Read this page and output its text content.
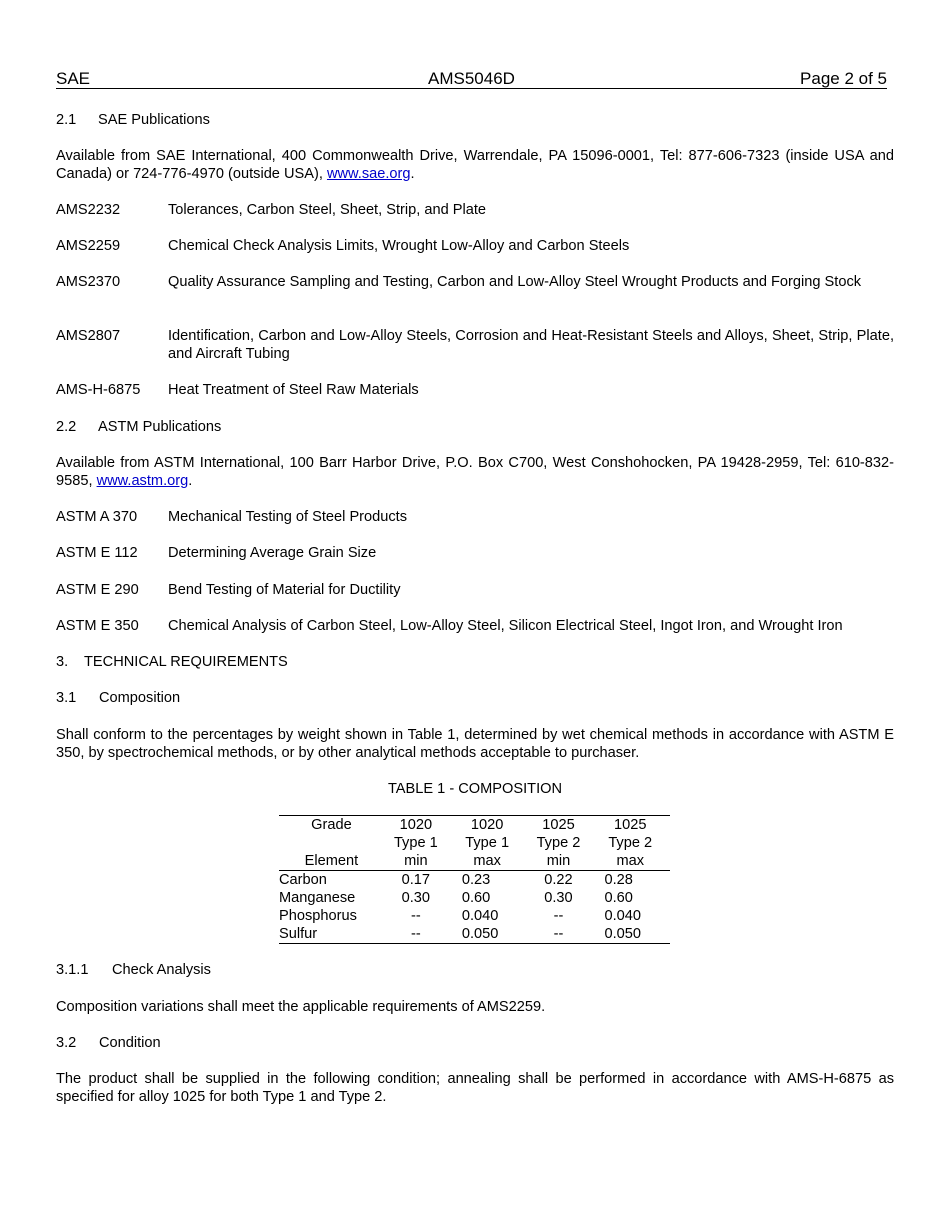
SAE	AMS5046D	Page 2 of 5
2.1 SAE Publications

Available from SAE International, 400 Commonwealth Drive, Warrendale, PA 15096-0001, Tel: 877-606-7323 (inside USA and Canada) or 724-776-4970 (outside USA), www.sae.org.

AMS2232	Tolerances, Carbon Steel, Sheet, Strip, and Plate
AMS2259	Chemical Check Analysis Limits, Wrought Low-Alloy and Carbon Steels
AMS2370	Quality Assurance Sampling and Testing, Carbon and Low-Alloy Steel Wrought Products and Forging Stock
AMS2807	Identification, Carbon and Low-Alloy Steels, Corrosion and Heat-Resistant Steels and Alloys, Sheet, Strip, Plate, and Aircraft Tubing
AMS-H-6875 Heat Treatment of Steel Raw Materials
2.2 ASTM Publications

Available from ASTM International, 100 Barr Harbor Drive, P.O. Box C700, West Conshohocken, PA 19428-2959, Tel: 610-832-9585, www.astm.org.

ASTM A 370 Mechanical Testing of Steel Products
ASTM E 112 Determining Average Grain Size
ASTM E 290 Bend Testing of Material for Ductility
ASTM E 350 Chemical Analysis of Carbon Steel, Low-Alloy Steel, Silicon Electrical Steel, Ingot Iron, and Wrought Iron
3. TECHNICAL REQUIREMENTS
3.1 Composition

Shall conform to the percentages by weight shown in Table 1, determined by wet chemical methods in accordance with ASTM E 350, by spectrochemical methods, or by other analytical methods acceptable to purchaser.

TABLE 1 - COMPOSITION
Grade	1020	1020	1025	1025
	Type 1	Type 1	Type 2	Type 2
Element	min	max	min	max
Carbon	0.17	0.23	0.22	0.28
Manganese	0.30	0.60	0.30	0.60
Phosphorus	--	0.040	--	0.040
Sulfur	--	0.050	--	0.050
3.1.1 Check Analysis

Composition variations shall meet the applicable requirements of AMS2259.

3.2 Condition

The product shall be supplied in the following condition; annealing shall be performed in accordance with AMS-H-6875 as specified for alloy 1025 for both Type 1 and Type 2.
